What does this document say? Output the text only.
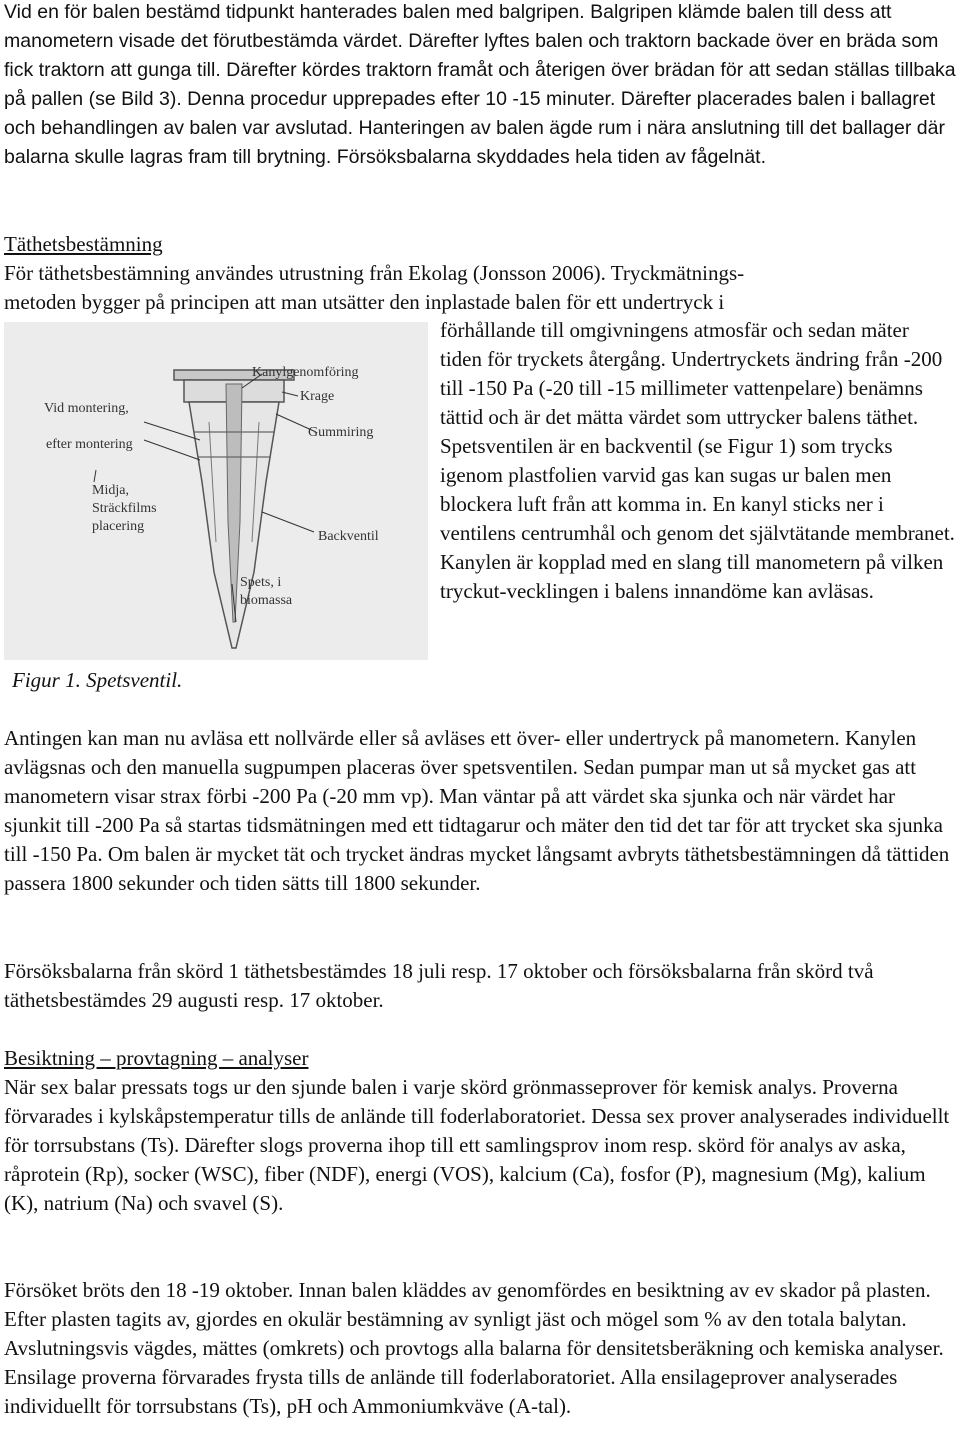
Vid en för balen bestämd tidpunkt hanterades balen med balgripen. Balgripen klämde balen till dess att manometern visade det förutbestämda värdet. Därefter lyftes balen och traktorn backade över en bräda som fick traktorn att gunga till. Därefter kördes traktorn framåt och återigen över brädan för att sedan ställas tillbaka på pallen (se Bild 3). Denna procedur upprepades efter 10 -15 minuter. Därefter placerades balen i ballagret och behandlingen av balen var avslutad. Hanteringen av balen ägde rum i nära anslutning till det ballager där balarna skulle lagras fram till brytning. Försöksbalarna skyddades hela tiden av fågelnät.

Täthetsbestämning

För täthetsbestämning användes utrustning från Ekolag (Jonsson 2006). Tryckmätnings-

metoden bygger på principen att man utsätter den inplastade balen för ett undertryck i

Kanylgenomföring
Krage
Gummiring
Vid montering,
efter montering
Midja,
Sträckfilms
placering
Backventil
Spets, i
biomassa
Figur 1. Spetsventil.

förhållande till omgivningens atmosfär och sedan mäter tiden för tryckets återgång. Undertryckets ändring från -200 till -150 Pa (-20 till -15 millimeter vattenpelare) benämns tättid och är det mätta värdet som uttrycker balens täthet. Spetsventilen är en backventil (se Figur 1) som trycks igenom plastfolien varvid gas kan sugas ur balen men blockera luft från att komma in. En kanyl sticks ner i ventilens centrumhål och genom det självtätande membranet. Kanylen är kopplad med en slang till manometern på vilken tryckut-vecklingen i balens innandöme kan avläsas.

Antingen kan man nu avläsa ett nollvärde eller så avläses ett över- eller undertryck på manometern. Kanylen avlägsnas och den manuella sugpumpen placeras över spetsventilen. Sedan pumpar man ut så mycket gas att manometern visar strax förbi -200 Pa (-20 mm vp). Man väntar på att värdet ska sjunka och när värdet har sjunkit till -200 Pa så startas tidsmätningen med ett tidtagarur och mäter den tid det tar för att trycket ska sjunka till -150 Pa. Om balen är mycket tät och trycket ändras mycket långsamt avbryts täthetsbestämningen då tättiden passera 1800 sekunder och tiden sätts till 1800 sekunder.

Försöksbalarna från skörd 1 täthetsbestämdes 18 juli resp. 17 oktober och försöksbalarna från skörd två täthetsbestämdes 29 augusti resp. 17 oktober.

Besiktning – provtagning – analyser

När sex balar pressats togs ur den sjunde balen i varje skörd grönmasseprover för kemisk analys. Proverna förvarades i kylskåpstemperatur tills de anlände till foderlaboratoriet. Dessa sex prover analyserades individuellt för torrsubstans (Ts). Därefter slogs proverna ihop till ett samlingsprov inom resp. skörd för analys av aska, råprotein (Rp), socker (WSC), fiber (NDF), energi (VOS), kalcium (Ca), fosfor (P), magnesium (Mg), kalium (K), natrium (Na) och svavel (S).

Försöket bröts den 18 -19 oktober. Innan balen kläddes av genomfördes en besiktning av ev skador på plasten. Efter plasten tagits av, gjordes en okulär bestämning av synligt jäst och mögel som % av den totala balytan. Avslutningsvis vägdes, mättes (omkrets) och provtogs alla balarna för densitetsberäkning och kemiska analyser. Ensilage proverna förvarades frysta tills de anlände till foderlaboratoriet. Alla ensilageprover analyserades individuellt för torrsubstans (Ts), pH och Ammoniumkväve (A-tal).
